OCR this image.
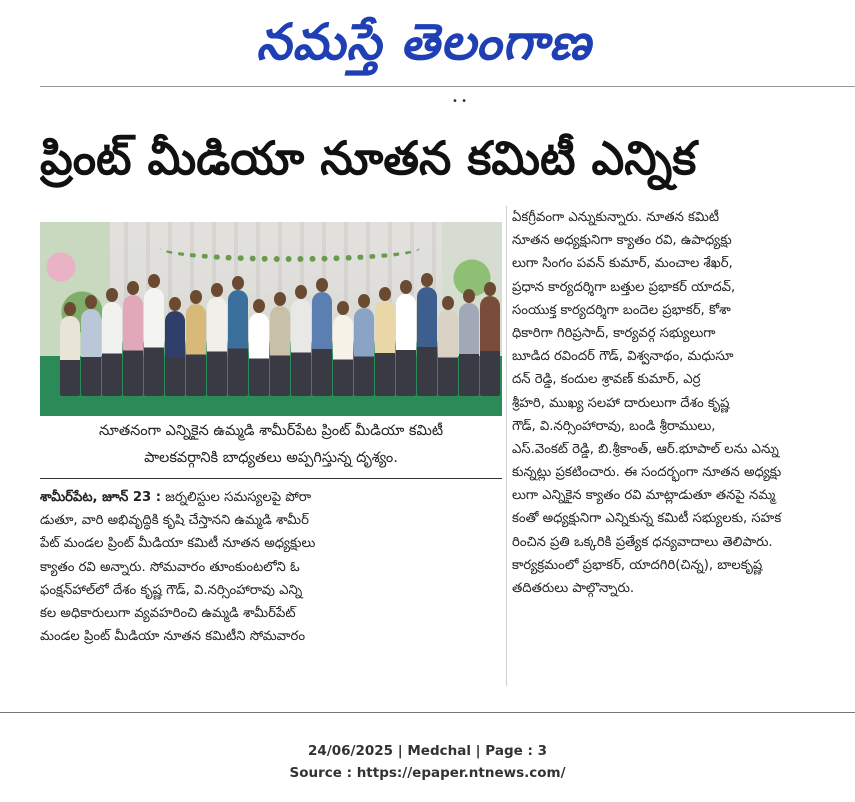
నమస్తే తెలంగాణ
• •
ప్రింట్ మీడియా నూతన కమిటీ ఎన్నిక
నూతనంగా ఎన్నికైన ఉమ్మడి శామీర్‌పేట ప్రింట్ మీడియా కమిటీ
పాలకవర్గానికి బాధ్యతలు అప్పగిస్తున్న దృశ్యం.
శామీర్‌పేట, జూన్ 23 : జర్నలిస్టుల సమస్యలపై పోరా
డుతూ, వారి అభివృద్ధికి కృషి చేస్తానని ఉమ్మడి శామీర్
పేట్ మండల ప్రింట్ మీడియా కమిటీ నూతన అధ్యక్షులు
క్యాతం రవి అన్నారు. సోమవారం తూంకుంటలోని ఓ
ఫంక్షన్‌హాల్‌లో దేశం కృష్ణ గౌడ్, వి.నర్సింహారావు ఎన్ని
కల అధికారులుగా వ్యవహరించి ఉమ్మడి శామీర్‌పేట్
మండల ప్రింట్ మీడియా నూతన కమిటీని సోమవారం
ఏకగ్రీవంగా ఎన్నుకున్నారు. నూతన కమిటీ
నూతన అధ్యక్షునిగా క్యాతం రవి, ఉపాధ్యక్షు
లుగా సింగం పవన్ కుమార్, మంచాల శేఖర్,
ప్రధాన కార్యదర్శిగా బత్తుల ప్రభాకర్ యాదవ్,
సంయుక్త కార్యదర్శిగా బందెల ప్రభాకర్, కోశా
ధికారిగా గిరిప్రసాద్, కార్యవర్గ సభ్యులుగా
బూడిద రవిందర్ గౌడ్, విశ్వనాథం, మధుసూ
దన్ రెడ్డి, కందుల శ్రావణ్ కుమార్, ఎర్ర
శ్రీహరి, ముఖ్య సలహా దారులుగా దేశం కృష్ణ
గౌడ్, వి.నర్సింహారావు, బండి శ్రీరాములు,
ఎస్.వెంకట్ రెడ్డి, బి.శ్రీకాంత్, ఆర్.భూపాల్ లను ఎన్ను
కున్నట్లు ప్రకటించారు. ఈ సందర్భంగా నూతన అధ్యక్షు
లుగా ఎన్నికైన క్యాతం రవి మాట్లాడుతూ తనపై నమ్మ
కంతో అధ్యక్షునిగా ఎన్నికున్న కమిటీ సభ్యులకు, సహక
రించిన ప్రతి ఒక్కరికి ప్రత్యేక ధన్యవాదాలు తెలిపారు.
కార్యక్రమంలో ప్రభాకర్, యాదగిరి(చిన్న), బాలకృష్ణ
తదితరులు పాల్గొన్నారు.
24/06/2025 | Medchal | Page : 3
Source : https://epaper.ntnews.com/
